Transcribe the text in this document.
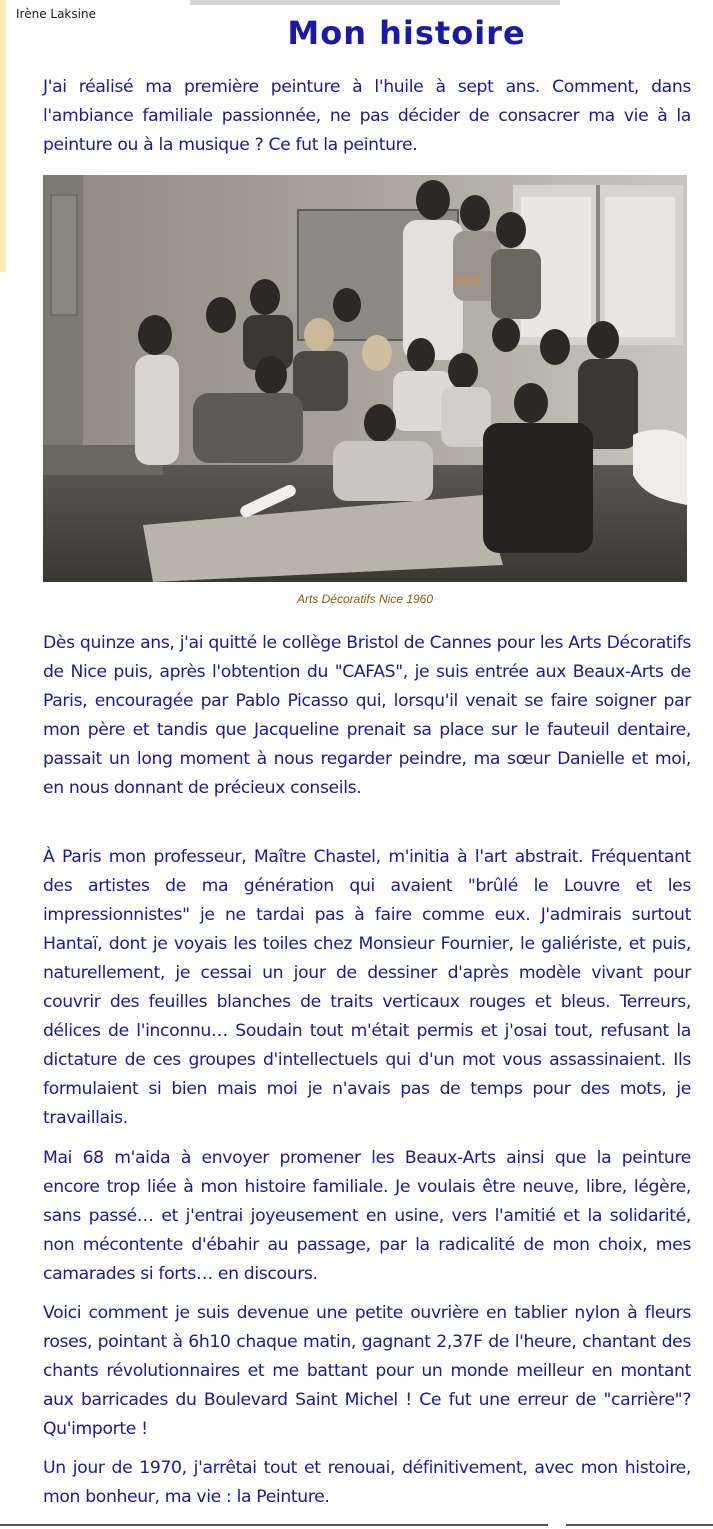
Irène Laksine	Mon histoire

J'ai réalisé ma première peinture à l'huile à sept ans. Comment, dans l'ambiance familiale passionnée, ne pas décider de consacrer ma vie à la peinture ou à la musique ? Ce fut la peinture.

Irène
Arts Décoratifs Nice 1960

Dès quinze ans, j'ai quitté le collège Bristol de Cannes pour les Arts Décoratifs de Nice puis, après l'obtention du "CAFAS", je suis entrée aux Beaux-Arts de Paris, encouragée par Pablo Picasso qui, lorsqu'il venait se faire soigner par mon père et tandis que Jacqueline prenait sa place sur le fauteuil dentaire, passait un long moment à nous regarder peindre, ma sœur Danielle et moi, en nous donnant de précieux conseils.

À Paris mon professeur, Maître Chastel, m'initia à l'art abstrait. Fréquentant des artistes de ma génération qui avaient "brûlé le Louvre et les impressionnistes" je ne tardai pas à faire comme eux. J'admirais surtout Hantaï, dont je voyais les toiles chez Monsieur Fournier, le galiériste, et puis, naturellement, je cessai un jour de dessiner d'après modèle vivant pour couvrir des feuilles blanches de traits verticaux rouges et bleus. Terreurs, délices de l'inconnu… Soudain tout m'était permis et j'osai tout, refusant la dictature de ces groupes d'intellectuels qui d'un mot vous assassinaient. Ils formulaient si bien mais moi je n'avais pas de temps pour des mots, je travaillais.

Mai 68 m'aida à envoyer promener les Beaux-Arts ainsi que la peinture encore trop liée à mon histoire familiale. Je voulais être neuve, libre, légère, sans passé… et j'entrai joyeusement en usine, vers l'amitié et la solidarité, non mécontente d'ébahir au passage, par la radicalité de mon choix, mes camarades si forts… en discours.

Voici comment je suis devenue une petite ouvrière en tablier nylon à fleurs roses, pointant à 6h10 chaque matin, gagnant 2,37F de l'heure, chantant des chants révolutionnaires et me battant pour un monde meilleur en montant aux barricades du Boulevard Saint Michel ! Ce fut une erreur de "carrière"? Qu'importe !

Un jour de 1970, j'arrêtai tout et renouai, définitivement, avec mon histoire, mon bonheur, ma vie : la Peinture.
